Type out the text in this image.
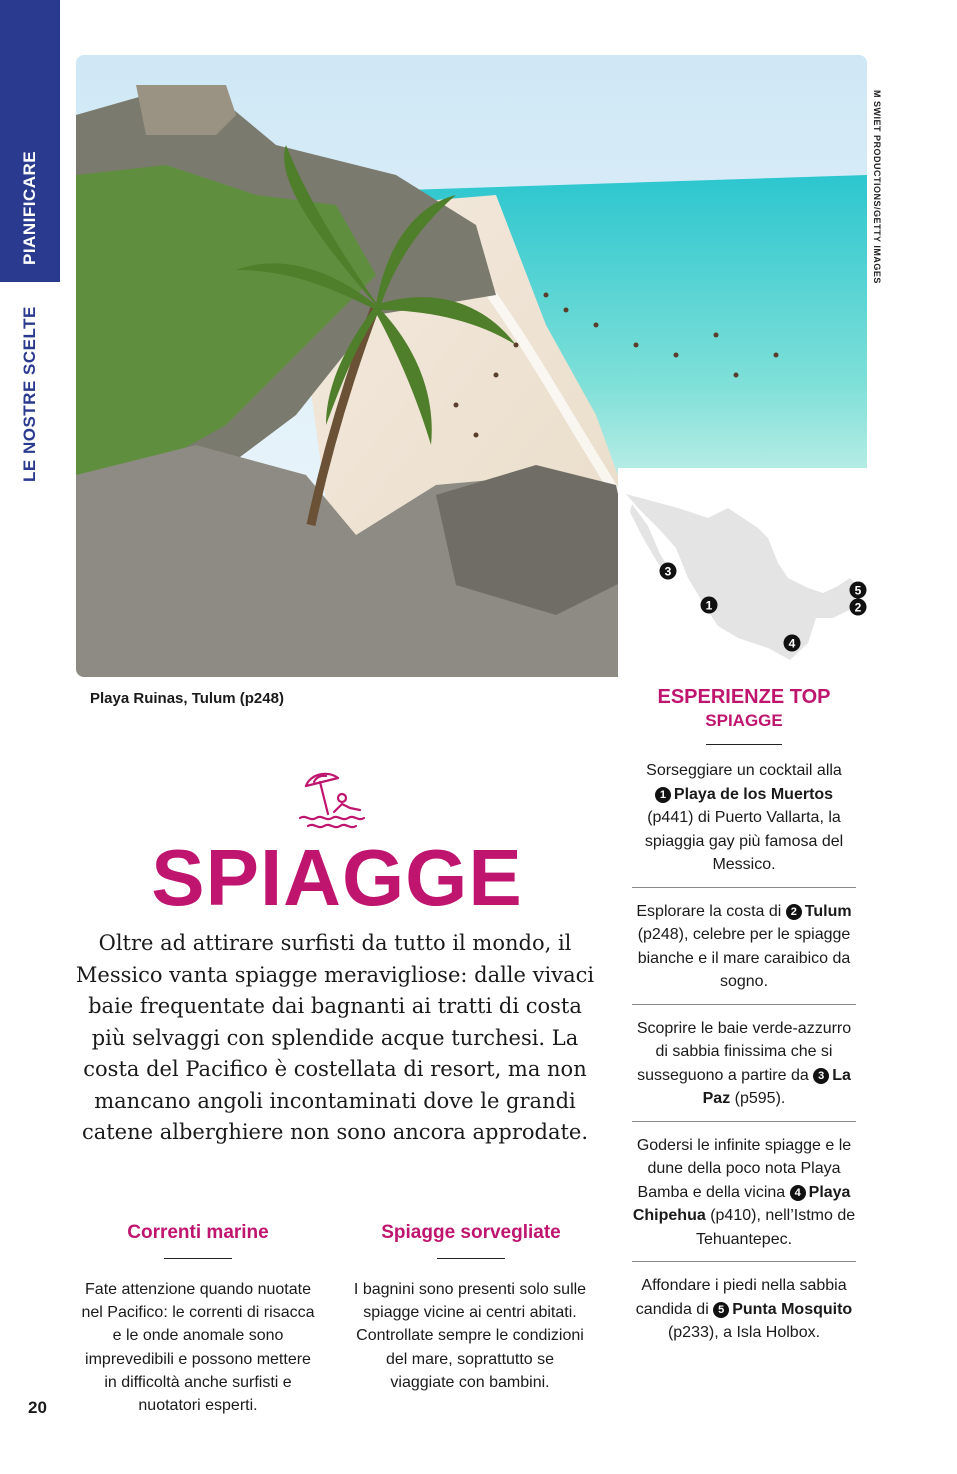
PIANIFICARE
LE NOSTRE SCELTE
M SWIET PRODUCTIONS/GETTY IMAGES
3
1
5
2
4
Playa Ruinas, Tulum (p248)	ESPERIENZE TOP
SPIAGGE
Sorseggiare un cocktail alla
1 Playa de los Muertos (p441) di Puerto Vallarta, la spiaggia gay più famosa del Messico.
Esplorare la costa di 2 Tulum (p248), celebre per le spiagge bianche e il mare caraibico da sogno.
Scoprire le baie verde-azzurro di sabbia finissima che si susseguono a partire da 3 La Paz (p595).
Godersi le infinite spiagge e le dune della poco nota Playa Bamba e della vicina 4 Playa Chipehua (p410), nell’Istmo de Tehuantepec.
Affondare i piedi nella sabbia candida di 5 Punta Mosquito (p233), a Isla Holbox.
SPIAGGE
Oltre ad attirare surfisti da tutto il mondo, il Messico vanta spiagge meravigliose: dalle vivaci baie frequentate dai bagnanti ai tratti di costa più selvaggi con splendide acque turchesi. La costa del Pacifico è costellata di resort, ma non mancano angoli incontaminati dove le grandi catene alberghiere non sono ancora approdate.
Correnti marine
Fate attenzione quando nuotate nel Pacifico: le correnti di risacca e le onde anomale sono imprevedibili e possono mettere in difficoltà anche surfisti e nuotatori esperti.
Spiagge sorvegliate
I bagnini sono presenti solo sulle spiagge vicine ai centri abitati. Controllate sempre le condizioni del mare, soprattutto se viaggiate con bambini.
20
